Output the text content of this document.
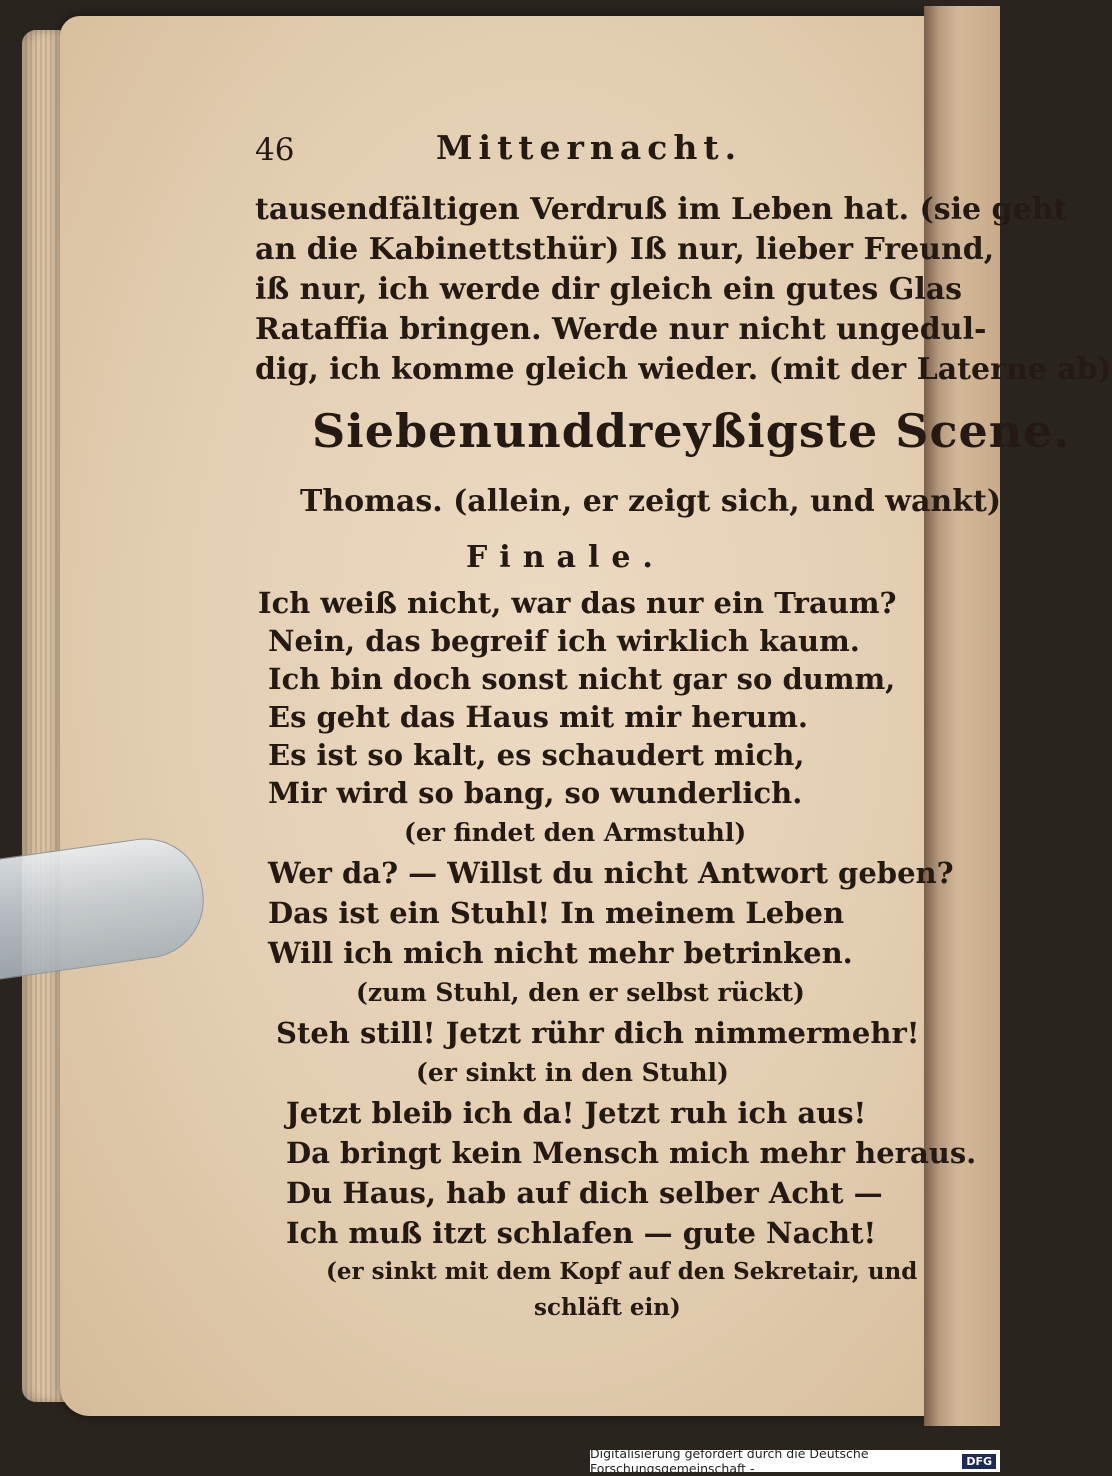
46	Mitternacht.
tausendfältigen Verdruß im Leben hat. (sie geht
an die Kabinettsthür) Iß nur, lieber Freund,
iß nur, ich werde dir gleich ein gutes Glas
Rataffia bringen. Werde nur nicht ungedul-
dig, ich komme gleich wieder. (mit der Laterne ab)
Siebenunddreyßigste Scene.
Thomas. (allein, er zeigt sich, und wankt)
Finale.
Ich weiß nicht, war das nur ein Traum?
Nein, das begreif ich wirklich kaum.
Ich bin doch sonst nicht gar so dumm,
Es geht das Haus mit mir herum.
Es ist so kalt, es schaudert mich,
Mir wird so bang, so wunderlich.
(er findet den Armstuhl)
Wer da? — Willst du nicht Antwort geben?
Das ist ein Stuhl! In meinem Leben
Will ich mich nicht mehr betrinken.
(zum Stuhl, den er selbst rückt)
Steh still! Jetzt rühr dich nimmermehr!
(er sinkt in den Stuhl)
Jetzt bleib ich da! Jetzt ruh ich aus!
Da bringt kein Mensch mich mehr heraus.
Du Haus, hab auf dich selber Acht —
Ich muß itzt schlafen — gute Nacht!
(er sinkt mit dem Kopf auf den Sekretair, und
schläft ein)
Digitalisierung gefördert durch die Deutsche Forschungsgemeinschaft -	DFG
